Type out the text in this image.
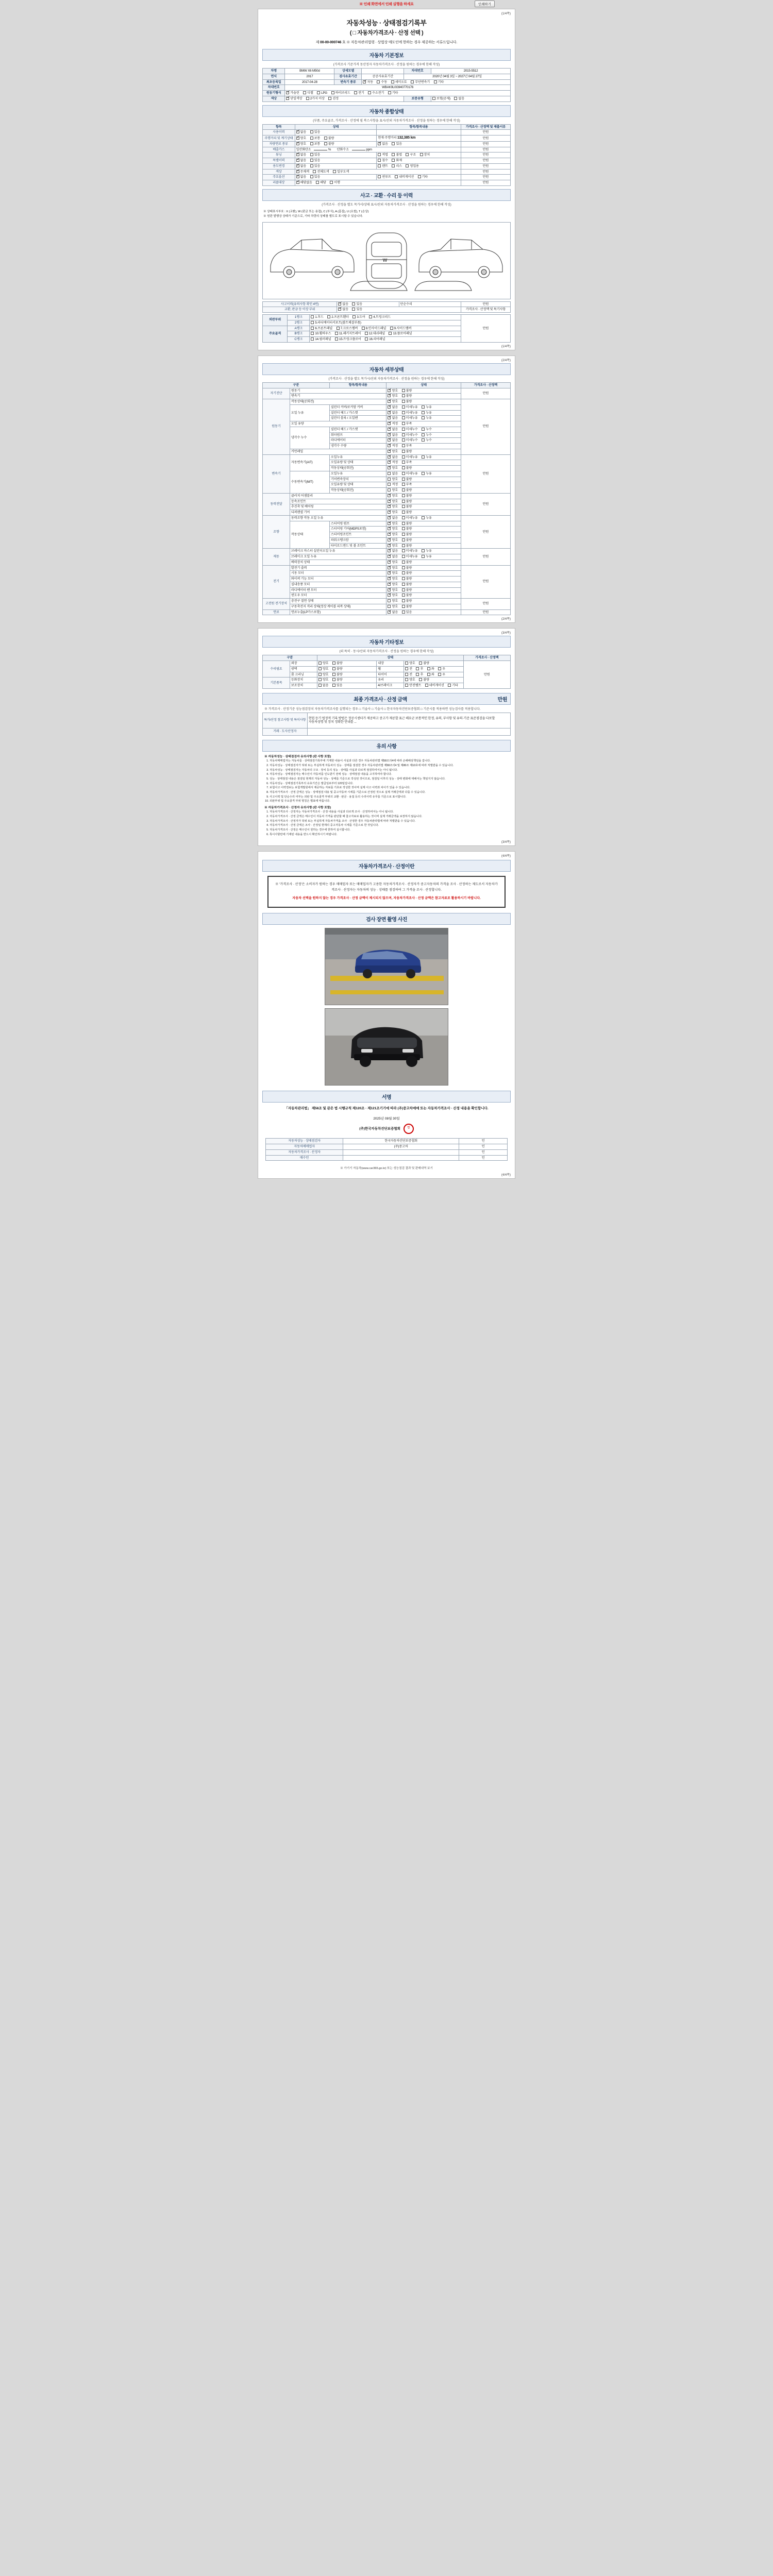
※ 인쇄 화면에서 인쇄 실행을 하세요	인쇄하기
(1/4쪽)
자동차성능 · 상태점검기록부
( □ 자동차가격조사 · 산정 선택 )
제 00-00-000746 호 ※ 자동차관리법령 · 상법상 매도인에 한하는 경우 제공하는 서류드입니다.
자동차 기본정보
(가격조사 기준가격 동산정자 자동차가격조사 · 산정을 원하는 경우에 한해 작성)
차명	BMW X6 M50d	상세모델		차대번호	2015-5512
연식	2017	검사유효기간	공공사유효기간	2020년 04월 3일 ~ 2027년 04월 27일	
최초등록일	2017-04-28	변속기 종류	✓자동 수동 세미오토 무단변속기 기타
차대번호	WBAK9L0G940770176				
원동기형식	✓가솔린 디젤 LPG 하이브리드 전기 수소전기 기타
색상	✓단일색상 2가지 이상 검정			보증유형	보험(공제) 없음
자동차 종합상태
(부품, 주요골조, 가격조사 · 산정에 필 복스사항을 표시/산외 자동차가격조사 · 산정을 원하는 경우에 한해 작성)
항목	상태	항목/항목내용	가격조사 · 산정액 및 제출서류
사용이력	✓없음 있음		만원
주행거리 및 계기상태	✓양호 보통 불량	현재 주행거리 132,385 km	만원
차량연료 종류	✓양호 보통 불량	✓없음 있음	만원
배출가스	일산화탄소 % 탄화수소 ppm		만원
튜닝	✓없음 있음	적법 불법 구조 장치	만원
특별이력	✓없음 있음	침수 화재	만원
용도변경	✓없음 있음	렌트 리스 영업용	만원
색상	✓무채색 전체도색 일부도색		만원
주요옵션	✓없음 있음	썬루프 내비게이션 기타	만원
리콜대상	✓해당없음 해당 이행		만원
사고 · 교환 · 수리 등 이력
(가격조사 · 산정을 별도 목가서/상태 표시/산외 자동차가격조사 · 산정을 원하는 경우에 한해 작성)

※ 상태표시부호 : X (교환), W (판금 또는 용접), C (부식), A (흠집), U (요철), T (손상)

※ 원판 발행상 상태가 기준으로, 기타 차량의 상태를 별도로 표시할 수 있습니다.

W
사고이력(유의사항 확인 4번)	✓없음 있음	단순수리	만원
교환, 판금 등 이상 부위	✓없음 있음		가격조사 · 산정액 및 특기사항
외판부위	1랭크	1.후드 2.프론트휀더 3.도어 4.트렁크리드	만원
	2랭크	5.라디에이터서포트(볼트체결부품)	
주요골격	A랭크	6.프론트패널 7.크로스멤버 8.인사이드패널 9.사이드멤버	
	B랭크	10.휠하우스 11.패키지트레이 12.대쉬패널 13.플로어패널	
	C랭크	14.필러패널 15.트렁크플로어 16.리어패널	
(1/4쪽)
(2/4쪽)
자동차 세부상태
(가격조사 · 산정을 별도 목가시/산외 자동차가격조사 · 산정을 원하는 경우에 한해 작성)
구분		항목/항목내용	상태	가격조사 · 산정액
자기진단	원동기	✓양호 불량	만원
	변속기	✓양호 불량
원동기	작동상태(공회전)	✓양호 불량	만원
	오일 누유	실린더 커버/로커암 커버	✓없음 미세누유 누유
		실린더 헤드 / 가스켓	✓없음 미세누유 누유
		실린더 블록 / 오일팬	✓없음 미세누유 누유
	오일 유량	✓적정 부족
	냉각수 누수	실린더 헤드 / 가스켓	✓없음 미세누수 누수
		워터펌프	✓없음 미세누수 누수
		라디에이터	✓없음 미세누수 누수
		냉각수 수량	✓적정 부족
	커먼레일	✓양호 불량
변속기	자동변속기(A/T)	오일누유	✓없음 미세누유 누유	만원
		오일유량 및 상태	✓적정 부족
		작동상태(공회전)	✓양호 불량
	수동변속기(M/T)	오일누유	없음 미세누유 누유	
		기어변속장치	양호 불량	
		오일유량 및 상태	적정 부족	
		작동상태(공회전)	양호 불량	
동력전달	클러치 어셈블리	✓양호 불량	만원
	등속조인트	✓양호 불량
	추진축 및 베어링	✓양호 불량
	디퍼렌셜 기어	✓양호 불량
조향	동력조향 작동 오일 누유	✓없음 미세누유 누유	만원
	작동상태	스티어링 펌프	✓양호 불량
		스티어링 기어(MDPS포함)	✓양호 불량
		스티어링조인트	✓양호 불량
		파워크랭크암	✓양호 불량
		타이로드엔드 및 볼 조인트	✓양호 불량
제동	브레이크 마스터 실린더오일 누유	✓없음 미세누유 누유	만원
	브레이크 오일 누유	✓없음 미세누유 누유
	배력장치 상태	✓양호 불량
전기	발전기 출력	✓양호 불량	만원
	시동 모터	✓양호 불량
	와이퍼 기능 모터	✓양호 불량
	실내송풍 모터	✓양호 불량
	라디에이터 팬 모터	✓양호 불량
	윈도우 모터	✓양호 불량
고전원 전기장치	충전구 절연 상태		양호 불량	만원
	구동축전지 격리 상태(정상 케이블 피복 상태)		양호 불량	
연료	연료누출(LP가스포함)	✓없음 있음	만원
(2/4쪽)
(3/4쪽)
자동차 기타정보
(외 특히 · 동시/산외 자동차가격조사 · 산정을 원하는 경우에 한해 작성)
구분		상태			가격조사 · 산정액
수리필요	외장	양호 불량	내장	양호 불량	만원
	광택	양호 불량	휠	전 후 좌 우	
	룸 크리닝	양호 불량	타이어	전 후 좌 우	
기본품목	등화장치	양호 불량	유리	양호 불량	
	보조장치	없음 있음	4/브레이크	안전벨트 네비게이션 기타	
최종 가격조사 · 산정 금액	만원
※ 가격조사 · 산정기준 성능점검장치 자동차가격조사를 실행되는 경우 □ 기술사 □ 기술사 □ 한국자동차진단보증협회 □ 기준시를 적용하면 성능검사를 적용합니다.
특가/산정 참고사항 및 특이사항	현업 등기 법정적 기록 방법은 정공시센터가 제공하고 중고가 제공할 표근 해요군 보통적인 한정, 유의, 부사항 및 유의·기준 표준점검을 다보할 자동차성명 및 장치 정확한 안내를 ...
거래 · 도사산정자	
유의 사항
※ 자동차성능 · 상태점검자 유의사항 (판 사항 포함)
1. 자동차매매업자는 자동차를 · 상태점검기록부에 기재한 내용이 사실과 다른 경우 자동차관리법 제58조의4에 따라 손해배상책임을 집니다.
2. 자동차성능 · 상태점검자가 허위 또는 부실하게 자동차의 성능 · 상태를 점검한 경우 자동차관리법 제58조의4 및 제80조 제10호에 따라 처벌받을 수 있습니다.
3. 자동차성능 · 상태점검자는 자동차의 구조 · 장치 등의 성능 · 상태를 사실과 다르게 점검하여서는 아니 됩니다.
4. 자동차성능 · 상태점검자는 매수인이 자동차를 인도받기 전에 성능 · 상태점검 내용을 고지하여야 합니다.
5. 성능 · 상태점검 내용은 점검일 현재의 자동차 성능 · 상태를 기준으로 작성된 것이므로, 점검일 이후의 성능 · 상태 변화에 대해서는 책임지지 않습니다.
6. 자동차성능 · 상태점검기록부의 유효기간은 발급일로부터 120일입니다.
7. 보험사고 이력정보는 보험개발원에서 제공하는 자료를 기초로 작성한 것이며 실제 사고 이력과 차이가 있을 수 있습니다.
8. 자동차가격조사 · 산정 금액은 성능 · 상태점검 내용 및 중고자동차 시세를 기준으로 산정된 것으로 실제 거래금액과 다를 수 있습니다.
9. 사고이력 및 단순수리 여부는 외판 및 주요골격 부위의 교환 · 판금 · 용접 등의 수리이력 유무를 기준으로 표시합니다.
10. 외판부위 및 주요골격 부위 명칭은 별표에 따릅니다.
※ 자동차가격조사 · 산정자 유의사항 (판 사항 포함)
1. 자동차가격조사 · 산정자는 자동차가격조사 · 산정 내용을 사실과 다르게 조사 · 산정하여서는 아니 됩니다.
2. 자동차가격조사 · 산정 금액은 매수인이 자동차 가격을 판단할 때 참고자료로 활용하는 것이며 실제 거래금액을 보장하지 않습니다.
3. 자동차가격조사 · 산정자가 허위 또는 부실하게 자동차가격을 조사 · 산정한 경우 자동차관리법에 따라 처벌받을 수 있습니다.
4. 자동차가격조사 · 산정 금액은 조사 · 산정일 현재의 중고자동차 시세를 기준으로 한 것입니다.
5. 자동차가격조사 · 산정은 매수인이 원하는 경우에 한하여 실시합니다.
6. 특이사항란에 기재된 내용을 반드시 확인하시기 바랍니다.
(3/4쪽)
(4/4쪽)
자동차가격조사 · 산정이란
※ '가격조사 · 산정'은 소비자가 원하는 경우 매매업자 또는 매매업자가 고용한 자동차가격조사 · 산정자가 중고자동차의 가격을 조사 · 산정하는 제도로서 자동차가격조사 · 산정자는 자동차의 성능 · 상태를 점검하여 그 가격을 조사 · 산정합니다.
자동차 선택을 원하지 않는 경우 가격조사 · 산정 금액이 제시되지 않으며, 자동차가격조사 · 산정 금액은 참고자료로 활용하시기 바랍니다.
검사 장면 촬영 사진
서명
「자동차관리법」 제58조 및 같은 법 시행규칙 제120조 · 제121조기기에 따라 (주)중고차매매 또는 자동차가격조사 · 산정 내용을 확인합니다.
2025년 08월 30일
(주)한국자동차진단보증협회	인
자동차성능 · 상태점검자	한국자동차진단보증협회	인
자동차매매업자	(주)중고차	인
자동차가격조사 · 산정자		인
매수인		인
※ 가기기 자동차(www.car365.go.kr) 또는 성능점검 결과 및 판매내역 보기
(4/4쪽)
